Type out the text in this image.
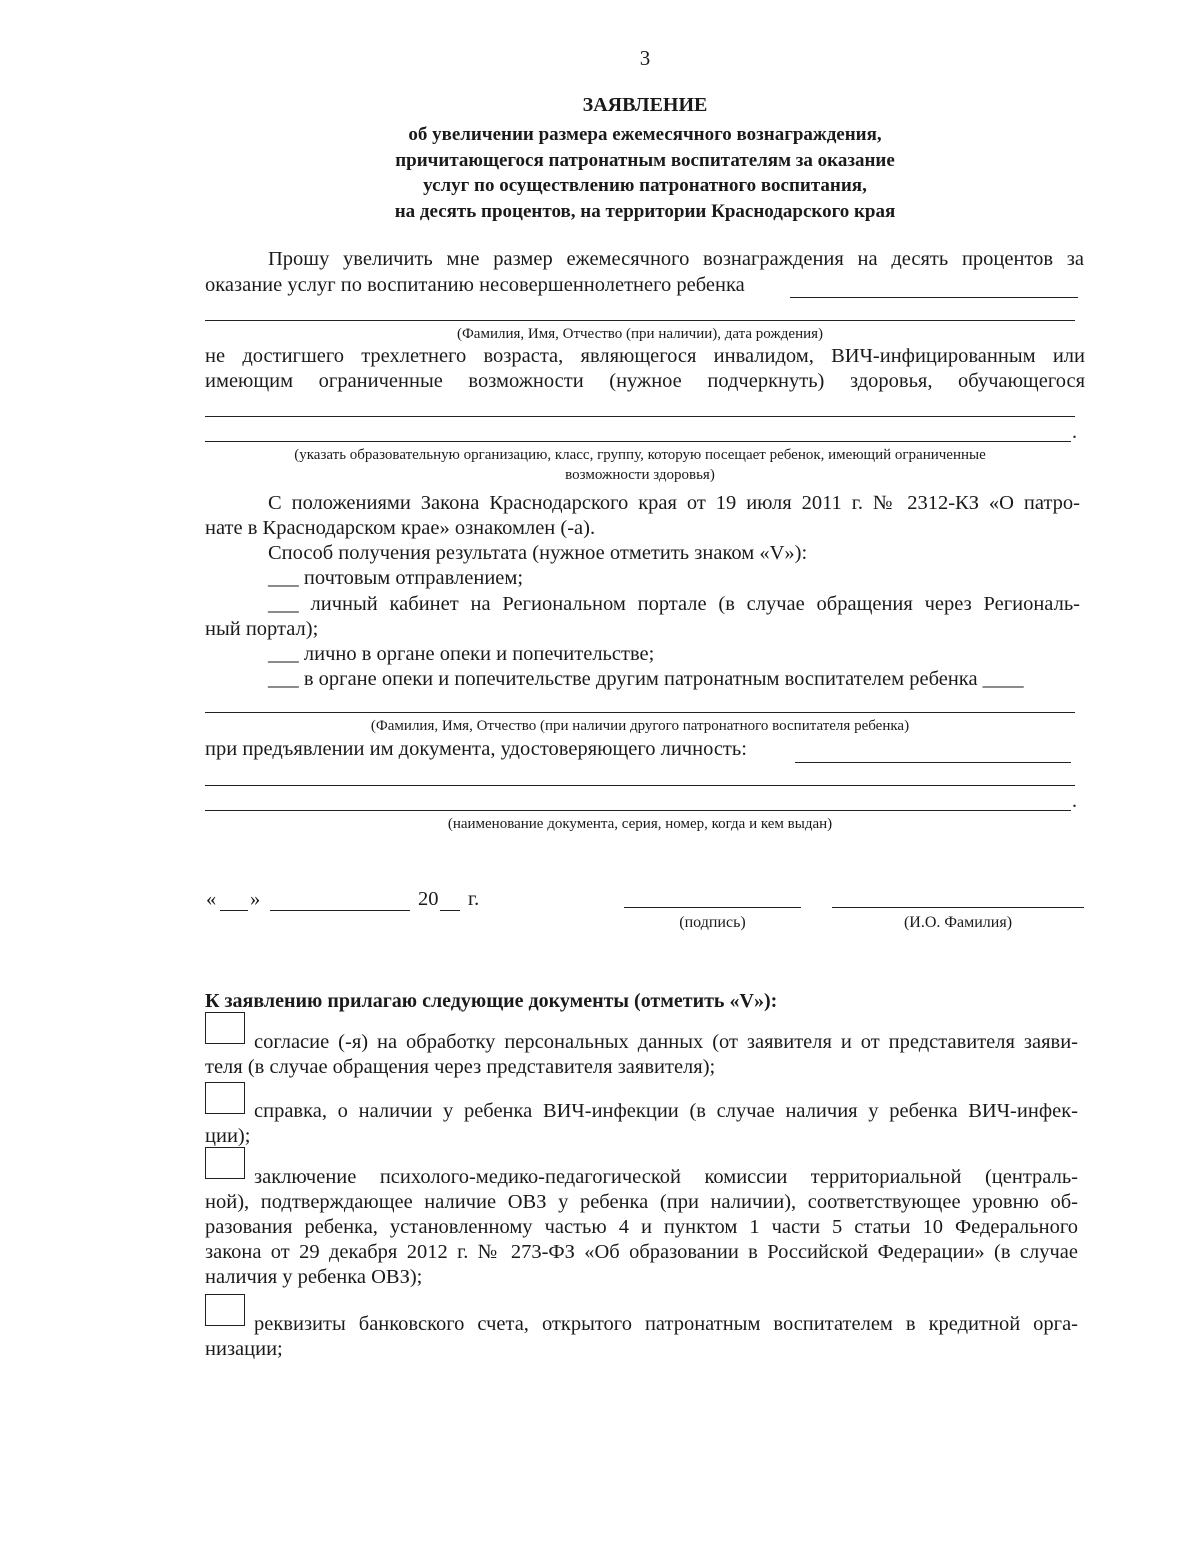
3
ЗАЯВЛЕНИЕ
об увеличении размера ежемесячного вознаграждения,
причитающегося патронатным воспитателям за оказание
услуг по осуществлению патронатного воспитания,
на десять процентов, на территории Краснодарского края
Прошу увеличить мне размер ежемесячного вознаграждения на десять процентов за
оказание услуг по воспитанию несовершеннолетнего ребенка
(Фамилия, Имя, Отчество (при наличии), дата рождения)
не достигшего трехлетнего возраста, являющегося инвалидом, ВИЧ-инфицированным или
имеющим ограниченные возможности (нужное подчеркнуть) здоровья, обучающегося
.
(указать образовательную организацию, класс, группу, которую посещает ребенок, имеющий ограниченные
возможности здоровья)
С положениями Закона Краснодарского края от 19 июля 2011 г. № 2312-КЗ «О патро-
нате в Краснодарском крае» ознакомлен (-а).
Способ получения результата (нужное отметить знаком «V»):
___ почтовым отправлением;
___ личный кабинет на Региональном портале (в случае обращения через Региональ-
ный портал);
___ лично в органе опеки и попечительстве;
___ в органе опеки и попечительстве другим патронатным воспитателем ребенка ____
(Фамилия, Имя, Отчество (при наличии другого патронатного воспитателя ребенка)
при предъявлении им документа, удостоверяющего личность:
.
(наименование документа, серия, номер, когда и кем выдан)
« »	20 г.
(подпись)	(И.О. Фамилия)
К заявлению прилагаю следующие документы (отметить «V»):
согласие (-я) на обработку персональных данных (от заявителя и от представителя заяви-
теля (в случае обращения через представителя заявителя);
справка, о наличии у ребенка ВИЧ-инфекции (в случае наличия у ребенка ВИЧ-инфек-
ции);
заключение психолого-медико-педагогической комиссии территориальной (централь-
ной), подтверждающее наличие ОВЗ у ребенка (при наличии), соответствующее уровню об-
разования ребенка, установленному частью 4 и пунктом 1 части 5 статьи 10 Федерального
закона от 29 декабря 2012 г. № 273-ФЗ «Об образовании в Российской Федерации» (в случае
наличия у ребенка ОВЗ);
реквизиты банковского счета, открытого патронатным воспитателем в кредитной орга-
низации;
